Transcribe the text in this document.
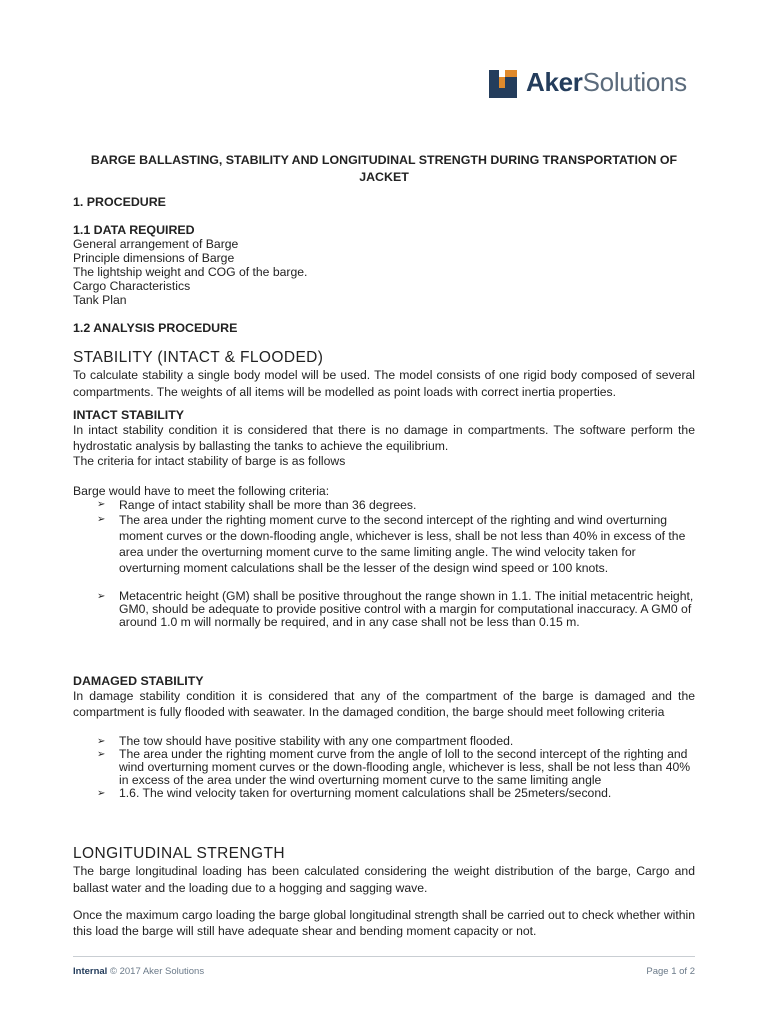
AkerSolutions
BARGE BALLASTING, STABILITY AND LONGITUDINAL STRENGTH DURING TRANSPORTATION OF JACKET
1. PROCEDURE
1.1 DATA REQUIRED
General arrangement of Barge
Principle dimensions of Barge
The lightship weight and COG of the barge.
Cargo Characteristics
Tank Plan
1.2 ANALYSIS PROCEDURE
STABILITY (INTACT & FLOODED)

To calculate stability a single body model will be used. The model consists of one rigid body composed of several compartments. The weights of all items will be modelled as point loads with correct inertia properties.

INTACT STABILITY

In intact stability condition it is considered that there is no damage in compartments. The software perform the hydrostatic analysis by ballasting the tanks to achieve the equilibrium.

The criteria for intact stability of barge is as follows

Barge would have to meet the following criteria:

➢ Range of intact stability shall be more than 36 degrees.
➢ The area under the righting moment curve to the second intercept of the righting and wind overturning moment curves or the down-flooding angle, whichever is less, shall be not less than 40% in excess of the area under the overturning moment curve to the same limiting angle. The wind velocity taken for overturning moment calculations shall be the lesser of the design wind speed or 100 knots.
➢ Metacentric height (GM) shall be positive throughout the range shown in 1.1. The initial metacentric height, GM0, should be adequate to provide positive control with a margin for computational inaccuracy. A GM0 of around 1.0 m will normally be required, and in any case shall not be less than 0.15 m.
DAMAGED STABILITY

In damage stability condition it is considered that any of the compartment of the barge is damaged and the compartment is fully flooded with seawater. In the damaged condition, the barge should meet following criteria

➢ The tow should have positive stability with any one compartment flooded.
➢ The area under the righting moment curve from the angle of loll to the second intercept of the righting and wind overturning moment curves or the down-flooding angle, whichever is less, shall be not less than 40% in excess of the area under the wind overturning moment curve to the same limiting angle
➢ 1.6. The wind velocity taken for overturning moment calculations shall be 25meters/second.
LONGITUDINAL STRENGTH

The barge longitudinal loading has been calculated considering the weight distribution of the barge, Cargo and ballast water and the loading due to a hogging and sagging wave.

Once the maximum cargo loading the barge global longitudinal strength shall be carried out to check whether within this load the barge will still have adequate shear and bending moment capacity or not.

Internal © 2017 Aker Solutions	Page 1 of 2
